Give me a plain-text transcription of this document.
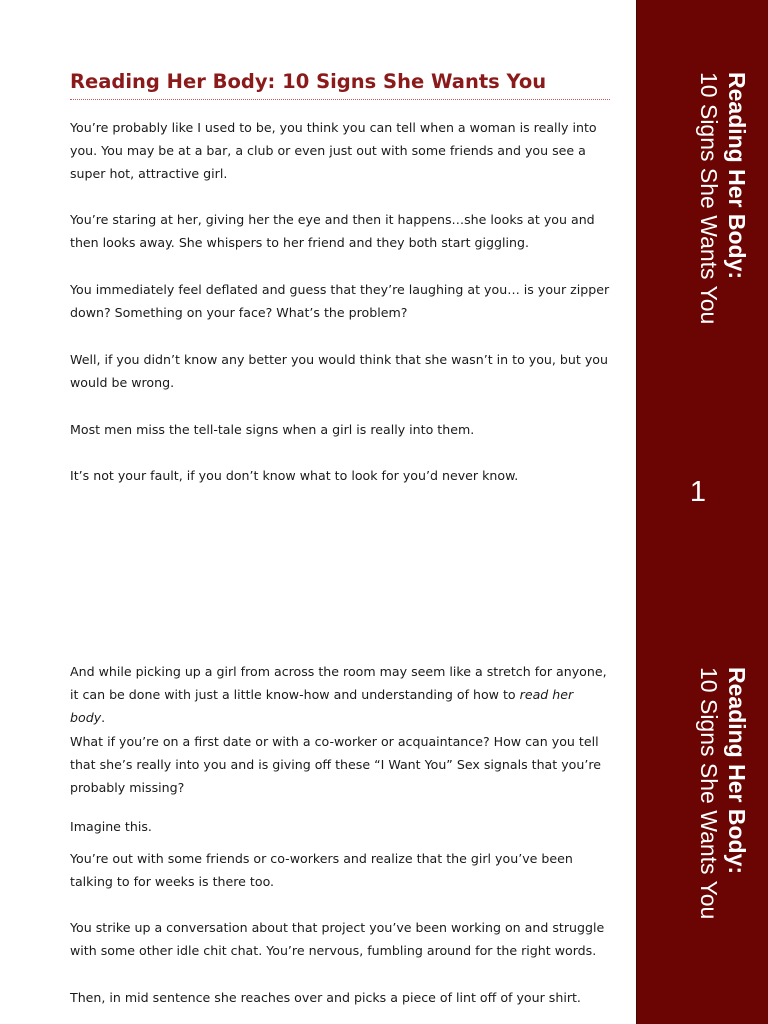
Reading Her Body: 10 Signs She Wants You

You’re probably like I used to be, you think you can tell when a woman is really into you. You may be at a bar, a club or even just out with some friends and you see a super hot, attractive girl.

You’re staring at her, giving her the eye and then it happens…she looks at you and then looks away. She whispers to her friend and they both start giggling.

You immediately feel deflated and guess that they’re laughing at you… is your zipper down? Something on your face? What’s the problem?

Well, if you didn’t know any better you would think that she wasn’t in to you, but you would be wrong.

Most men miss the tell-tale signs when a girl is really into them.

It’s not your fault, if you don’t know what to look for you’d never know.

Reading Her Body:
10 Signs She Wants You
1

And while picking up a girl from across the room may seem like a stretch for anyone, it can be done with just a little know-how and understanding of how to read her body.

What if you’re on a first date or with a co-worker or acquaintance? How can you tell that she’s really into you and is giving off these “I Want You” Sex signals that you’re probably missing?

Imagine this.

You’re out with some friends or co-workers and realize that the girl you’ve been talking to for weeks is there too.

You strike up a conversation about that project you’ve been working on and struggle with some other idle chit chat. You’re nervous, fumbling around for the right words.

Then, in mid sentence she reaches over and picks a piece of lint off of your shirt.

Reading Her Body:
10 Signs She Wants You
